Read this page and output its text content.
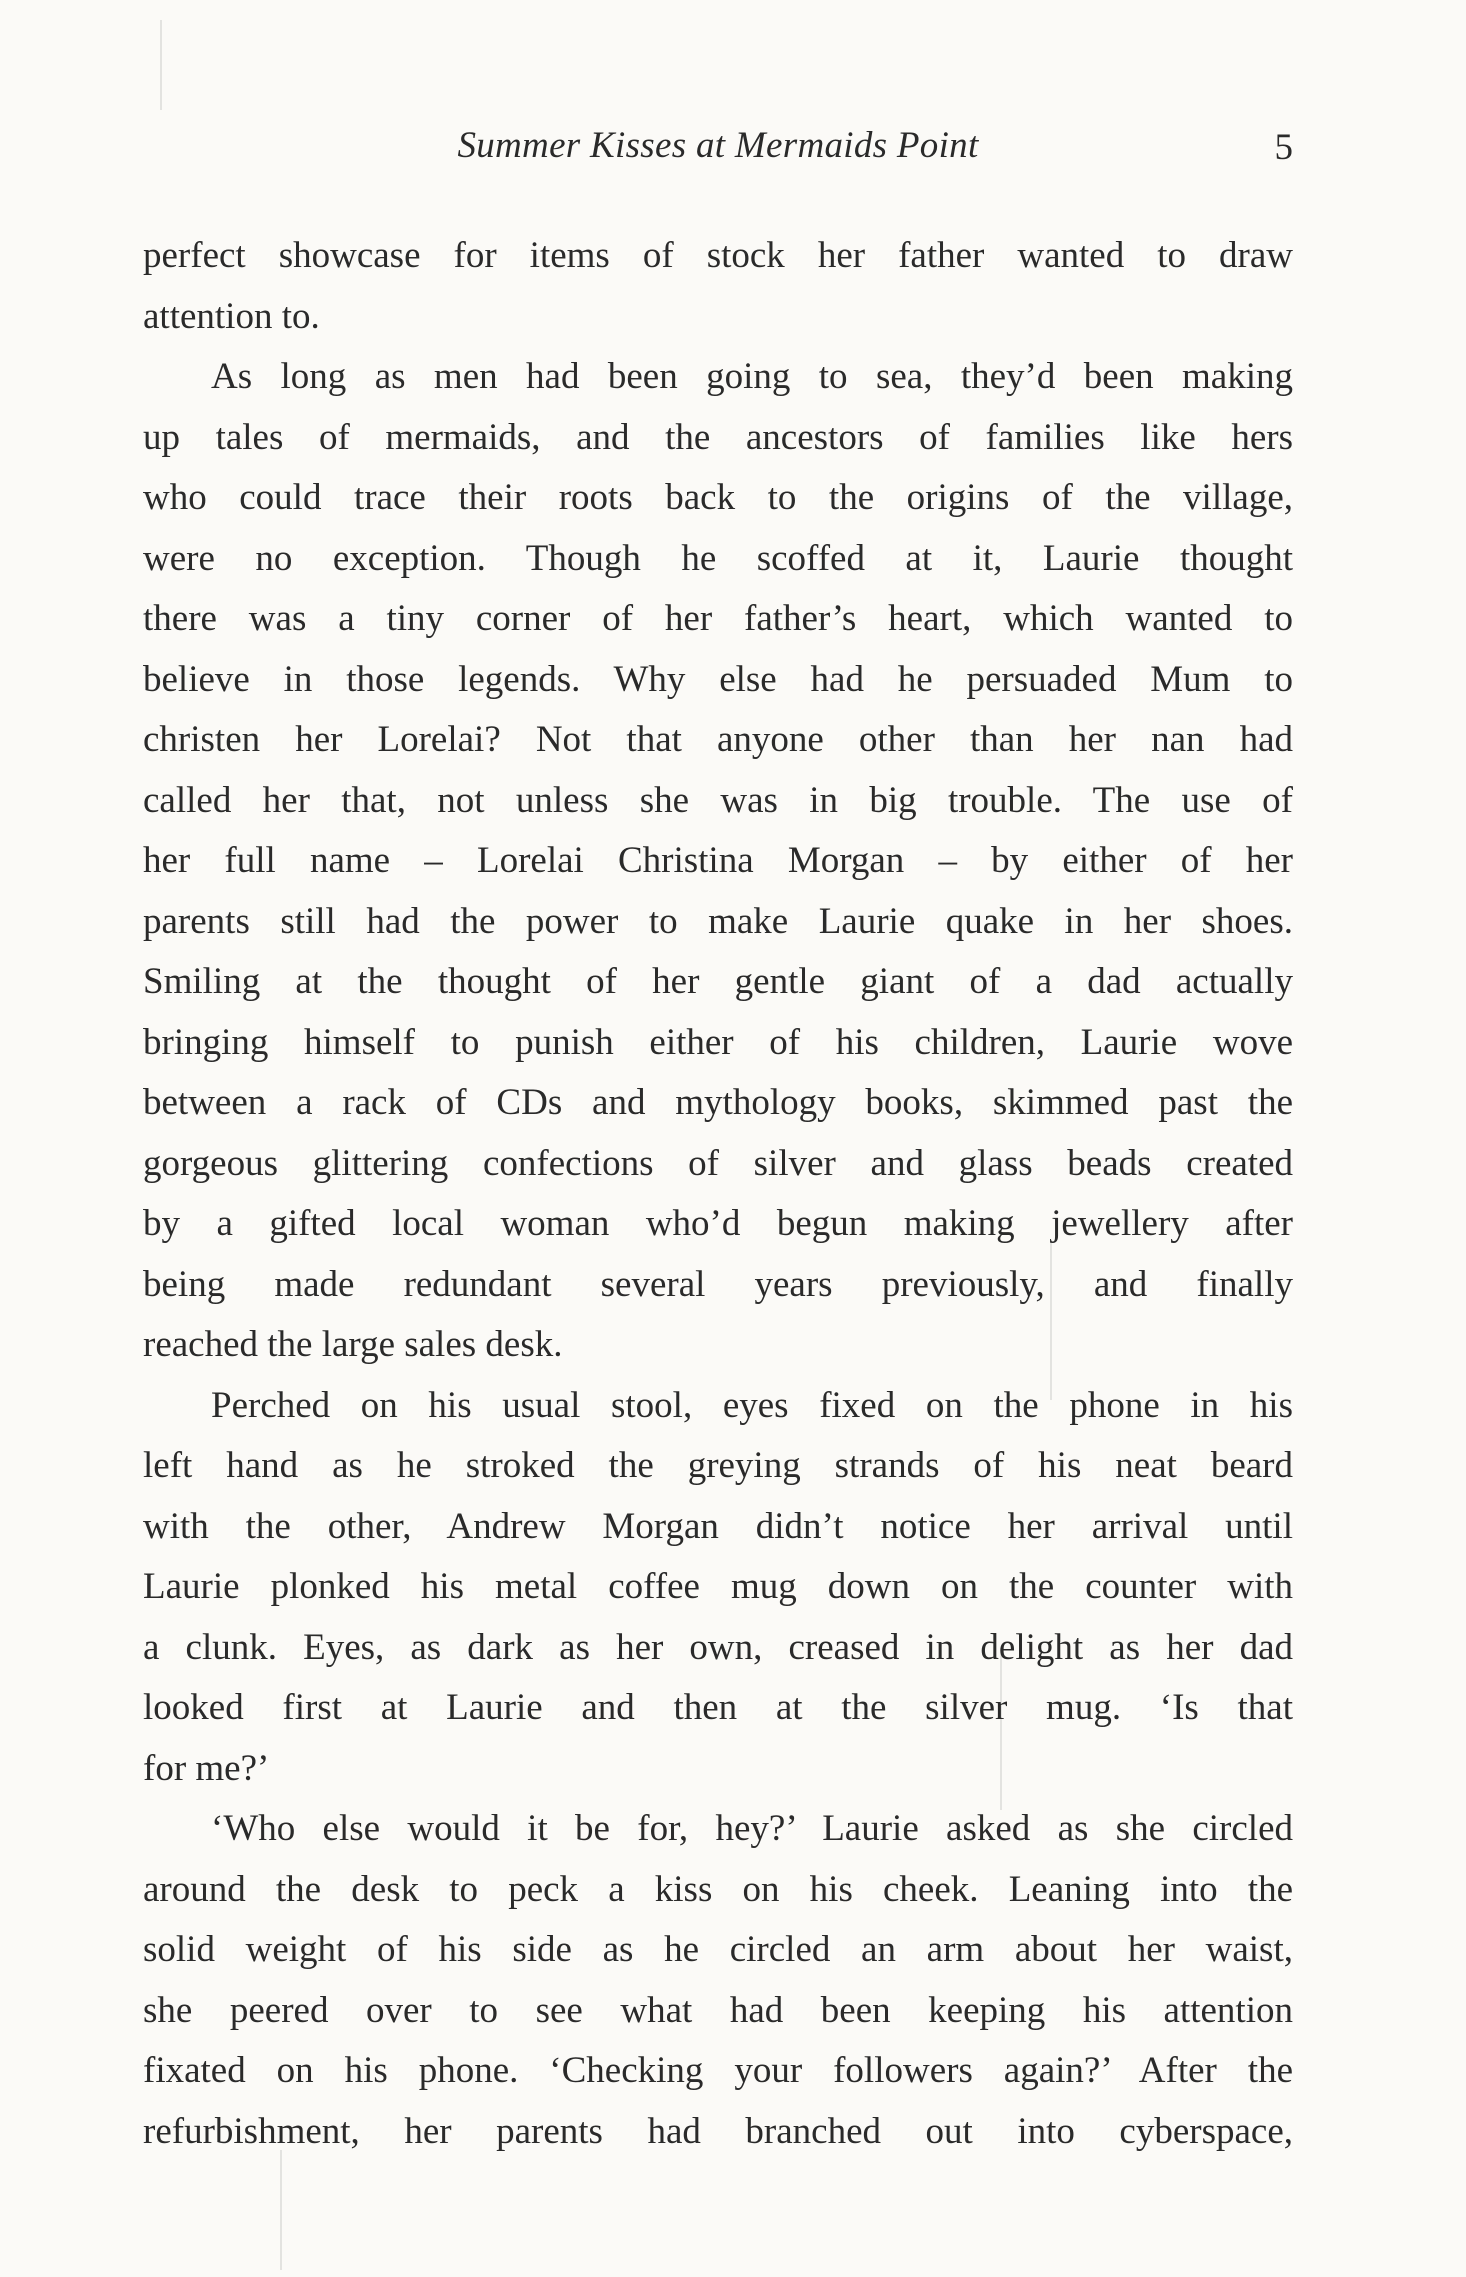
Summer Kisses at Mermaids Point	5
perfect showcase for items of stock her father wanted to draw
attention to.
As long as men had been going to sea, they’d been making
up tales of mermaids, and the ancestors of families like hers
who could trace their roots back to the origins of the village,
were no exception. Though he scoffed at it, Laurie thought
there was a tiny corner of her father’s heart, which wanted to
believe in those legends. Why else had he persuaded Mum to
christen her Lorelai? Not that anyone other than her nan had
called her that, not unless she was in big trouble. The use of
her full name – Lorelai Christina Morgan – by either of her
parents still had the power to make Laurie quake in her shoes.
Smiling at the thought of her gentle giant of a dad actually
bringing himself to punish either of his children, Laurie wove
between a rack of CDs and mythology books, skimmed past the
gorgeous glittering confections of silver and glass beads created
by a gifted local woman who’d begun making jewellery after
being made redundant several years previously, and finally
reached the large sales desk.
Perched on his usual stool, eyes fixed on the phone in his
left hand as he stroked the greying strands of his neat beard
with the other, Andrew Morgan didn’t notice her arrival until
Laurie plonked his metal coffee mug down on the counter with
a clunk. Eyes, as dark as her own, creased in delight as her dad
looked first at Laurie and then at the silver mug. ‘Is that
for me?’
‘Who else would it be for, hey?’ Laurie asked as she circled
around the desk to peck a kiss on his cheek. Leaning into the
solid weight of his side as he circled an arm about her waist,
she peered over to see what had been keeping his attention
fixated on his phone. ‘Checking your followers again?’ After the
refurbishment, her parents had branched out into cyberspace,
